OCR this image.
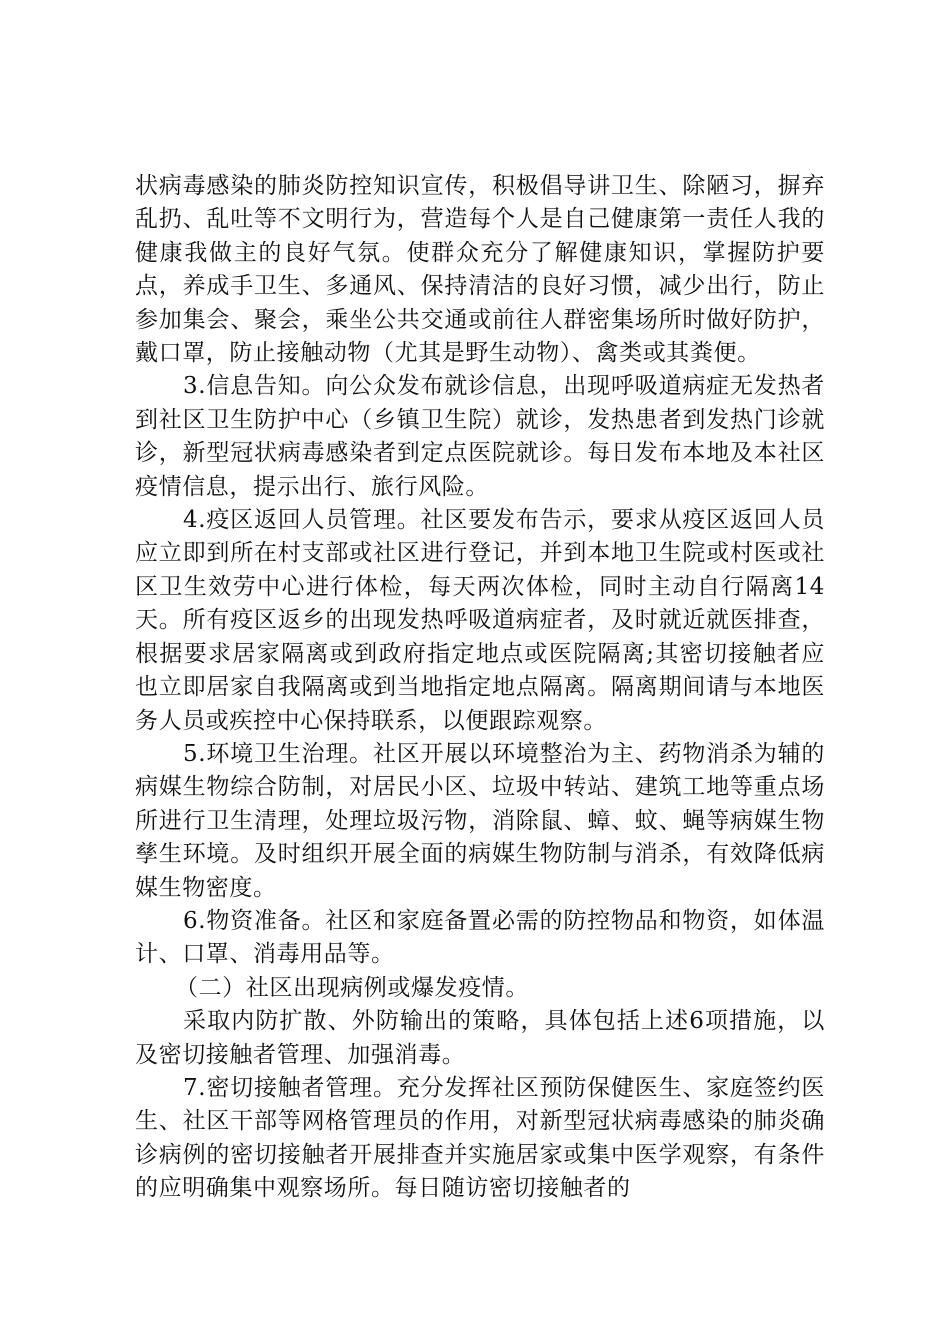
状病毒感染的肺炎防控知识宣传，积极倡导讲卫生、除陋习，摒弃乱扔、乱吐等不文明行为，营造每个人是自己健康第一责任人我的健康我做主的良好气氛。使群众充分了解健康知识，掌握防护要点，养成手卫生、多通风、保持清洁的良好习惯，减少出行，防止参加集会、聚会，乘坐公共交通或前往人群密集场所时做好防护，戴口罩，防止接触动物（尤其是野生动物）、禽类或其粪便。

3.信息告知。向公众发布就诊信息，出现呼吸道病症无发热者到社区卫生防护中心（乡镇卫生院）就诊，发热患者到发热门诊就诊，新型冠状病毒感染者到定点医院就诊。每日发布本地及本社区疫情信息，提示出行、旅行风险。

4.疫区返回人员管理。社区要发布告示，要求从疫区返回人员应立即到所在村支部或社区进行登记，并到本地卫生院或村医或社区卫生效劳中心进行体检，每天两次体检，同时主动自行隔离14天。所有疫区返乡的出现发热呼吸道病症者，及时就近就医排查，根据要求居家隔离或到政府指定地点或医院隔离;其密切接触者应也立即居家自我隔离或到当地指定地点隔离。隔离期间请与本地医务人员或疾控中心保持联系，以便跟踪观察。

5.环境卫生治理。社区开展以环境整治为主、药物消杀为辅的病媒生物综合防制，对居民小区、垃圾中转站、建筑工地等重点场所进行卫生清理，处理垃圾污物，消除鼠、蟑、蚊、蝇等病媒生物孳生环境。及时组织开展全面的病媒生物防制与消杀，有效降低病媒生物密度。

6.物资准备。社区和家庭备置必需的防控物品和物资，如体温计、口罩、消毒用品等。

（二）社区出现病例或爆发疫情。

采取内防扩散、外防输出的策略，具体包括上述6项措施，以及密切接触者管理、加强消毒。

7.密切接触者管理。充分发挥社区预防保健医生、家庭签约医生、社区干部等网格管理员的作用，对新型冠状病毒感染的肺炎确诊病例的密切接触者开展排查并实施居家或集中医学观察，有条件的应明确集中观察场所。每日随访密切接触者的
